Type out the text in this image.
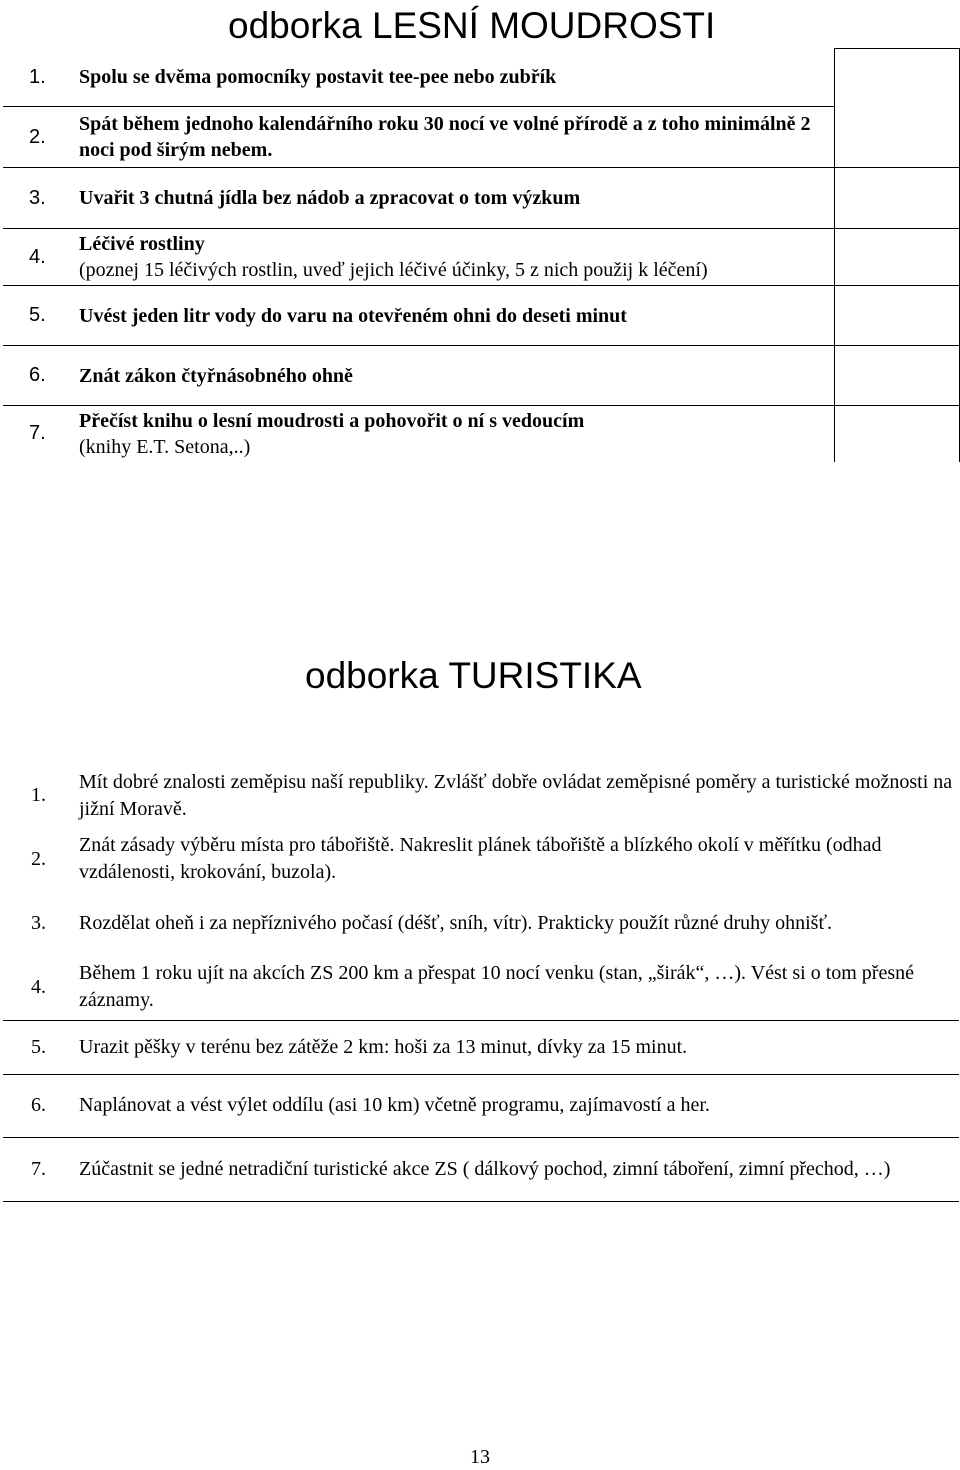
odborka LESNÍ MOUDROSTI
1.	Spolu se dvěma pomocníky postavit tee-pee nebo zubřík	
2.	Spát během jednoho kalendářního roku 30 nocí ve volné přírodě a z toho minimálně 2 noci pod širým nebem.	
3.	Uvařit 3 chutná jídla bez nádob a zpracovat o tom výzkum	
4.	Léčivé rostliny
(poznej 15 léčivých rostlin, uveď jejich léčivé účinky, 5 z nich použij k léčení)	

5.	Uvést jeden litr vody do varu na otevřeném ohni do deseti minut	
6.	Znát zákon čtyřnásobného ohně	
7.	Přečíst knihu o lesní moudrosti a pohovořit o ní s vedoucím
(knihy E.T. Setona,..)	

odborka TURISTIKA
1.	Mít dobré znalosti zeměpisu naší republiky. Zvlášť dobře ovládat zeměpisné poměry a turistické možnosti na jižní Moravě.
2.	Znát zásady výběru místa pro tábořiště. Nakreslit plánek tábořiště a blízkého okolí v měřítku (odhad vzdálenosti, krokování, buzola).
3.	Rozdělat oheň i za nepříznivého počasí (déšť, sníh, vítr). Prakticky použít různé druhy ohnišť.
4.	Během 1 roku ujít na akcích ZS 200 km a přespat 10 nocí venku (stan, „širák“, …). Vést si o tom přesné záznamy.
5.	Urazit pěšky v terénu bez zátěže 2 km: hoši za 13 minut, dívky za 15 minut.
6.	Naplánovat a vést výlet oddílu (asi 10 km) včetně programu, zajímavostí a her.
7.	Zúčastnit se jedné netradiční turistické akce ZS ( dálkový pochod, zimní táboření, zimní přechod, …)
13
